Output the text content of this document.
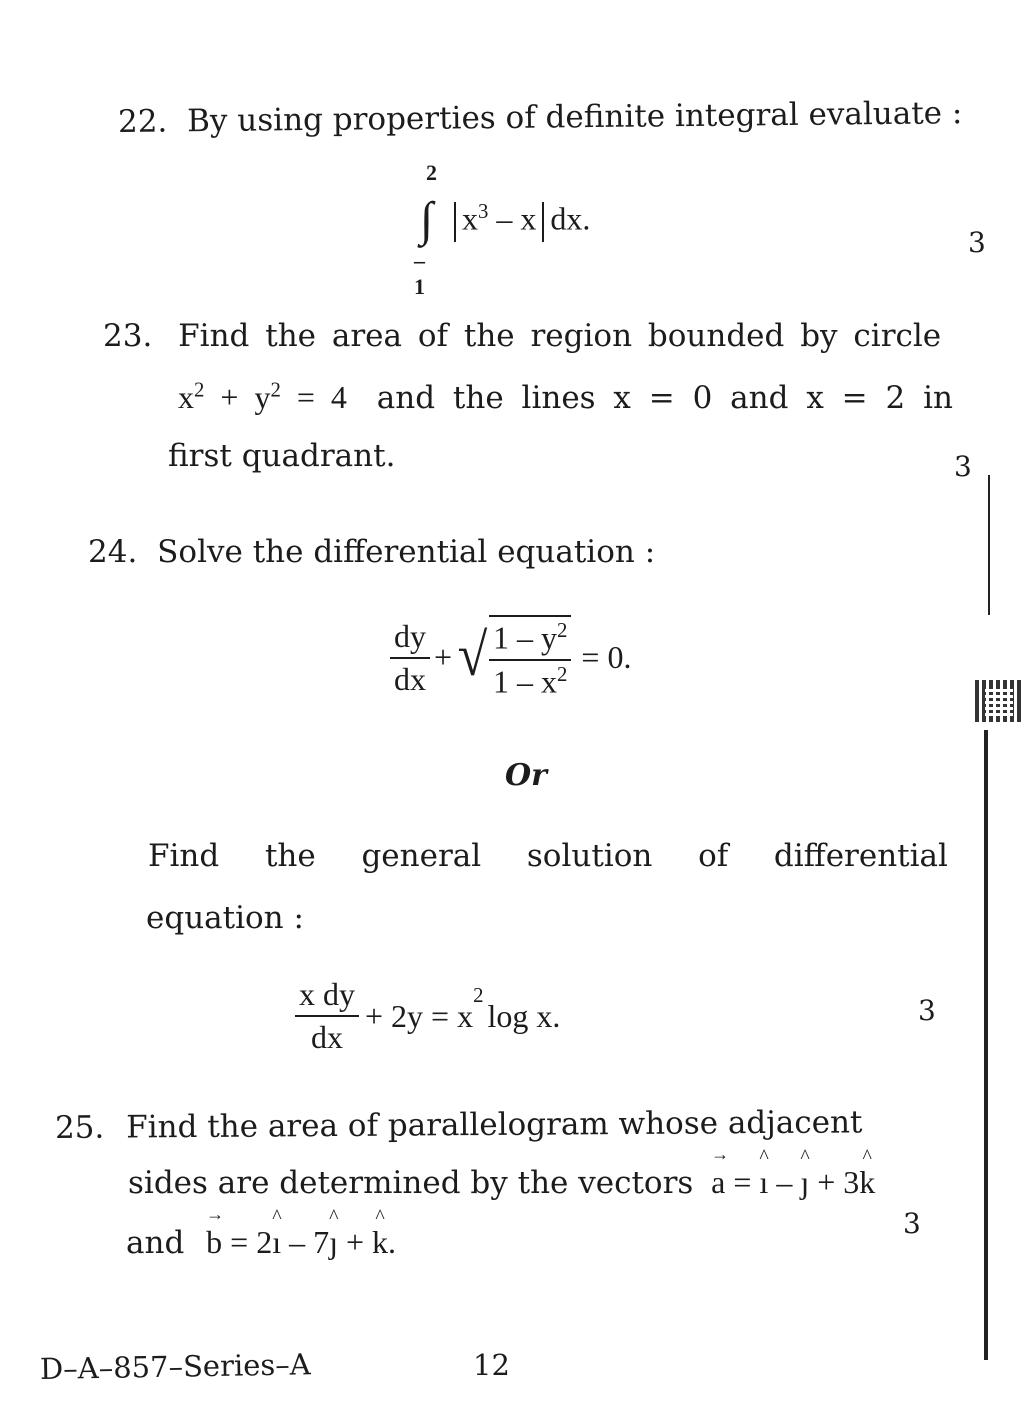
22. By using properties of definite integral evaluate :
2
∫
–1
$x^3$ – x dx.
3
23. Find the area of the region bounded by circle
$x^2 + y^2 = 4$ and the lines x = 0 and x = 2 in
first quadrant.	3
24. Solve the differential equation :
$\frac{dy}{dx}$ + √ $\frac{1 - y^2}{1 - x^2} = 0$.
Or
Find the general solution of differential
equation :
$\frac{\text{x dy}}{dx} + 2y = x$
$^2$
log x.	3
25. Find the area of parallelogram whose adjacent
sides are determined by the vectors → a = ^ ı – ^ ȷ + 3^ k
and → b = 2^ ı – 7^ ȷ + ^ k.
3
D–A–857–Series–A	12
